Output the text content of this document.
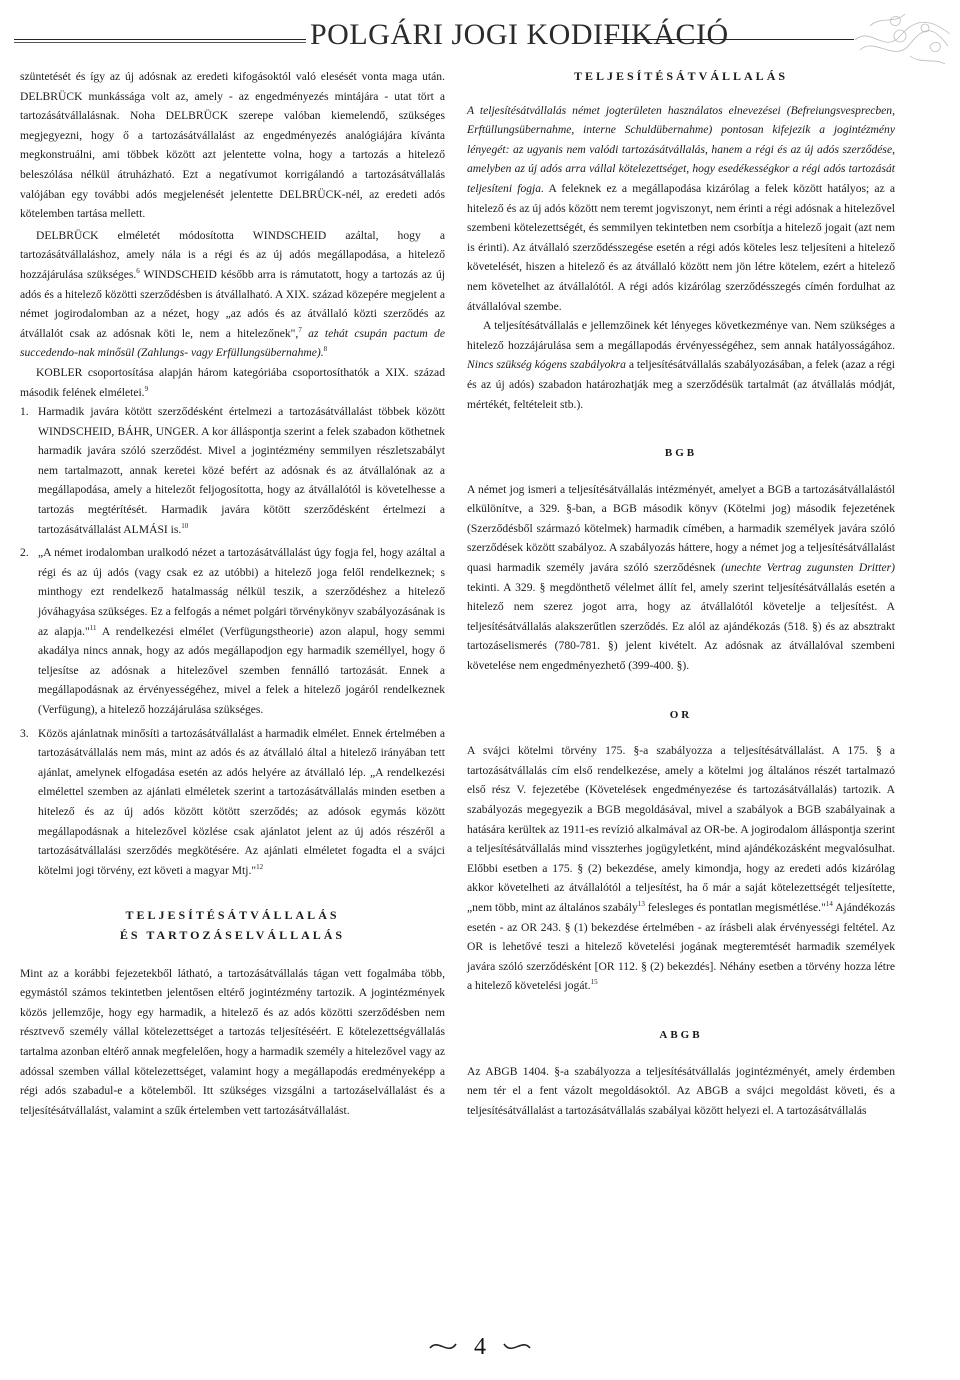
POLGÁRI JOGI KODIFIKÁCIÓ

szüntetését és így az új adósnak az eredeti kifogásoktól való elesését vonta maga után. DELBRÜCK munkássága volt az, amely - az engedményezés mintájára - utat tört a tartozásátvállalásnak. Noha DELBRÜCK szerepe valóban kiemelendő, szükséges megjegyezni, hogy ő a tartozásátvállalást az engedményezés analógiájára kívánta megkonstruálni, ami többek között azt jelentette volna, hogy a tartozás a hitelező beleszólása nélkül átruházható. Ezt a negatívumot korrigálandó a tartozásátvállalás valójában egy további adós megjelenését jelentette DELBRÜCK-nél, az eredeti adós kötelemben tartása mellett.

DELBRÜCK elméletét módosította WINDSCHEID azáltal, hogy a tartozásátvállaláshoz, amely nála is a régi és az új adós megállapodása, a hitelező hozzájárulása szükséges.$^6$ WINDSCHEID később arra is rámutatott, hogy a tartozás az új adós és a hitelező közötti szerződésben is átvállalható. A XIX. század közepére megjelent a német jogirodalomban az a nézet, hogy „az adós és az átvállaló közti szerződés az átvállalót csak az adósnak köti le, nem a hitelezőnek",$^7$ az tehát csupán pactum de succedendo-nak minősül (Zahlungs- vagy Erfüllungsübernahme).$^8$

KOBLER csoportosítása alapján három kategóriába csoportosíthatók a XIX. század második felének elméletei.$^9$

1. Harmadik javára kötött szerződésként értelmezi a tartozásátvállalást többek között WINDSCHEID, BÁHR, UNGER. A kor álláspontja szerint a felek szabadon köthetnek harmadik javára szóló szerződést. Mivel a jogintézmény semmilyen részletszabályt nem tartalmazott, annak keretei közé befért az adósnak és az átvállalónak az a megállapodása, amely a hitelezőt feljogosította, hogy az átvállalótól is követelhesse a tartozás megtérítését. Harmadik javára kötött szerződésként értelmezi a tartozásátvállalást ALMÁSI is.$^{10}$
2. „A német irodalomban uralkodó nézet a tartozásátvállalást úgy fogja fel, hogy azáltal a régi és az új adós (vagy csak ez az utóbbi) a hitelező joga felől rendelkeznek; s minthogy ezt rendelkező hatalmasság nélkül teszik, a szerződéshez a hitelező jóváhagyása szükséges. Ez a felfogás a német polgári törvénykönyv szabályozásának is az alapja."$^{11}$ A rendelkezési elmélet (Verfügungstheorie) azon alapul, hogy semmi akadálya nincs annak, hogy az adós megállapodjon egy harmadik személlyel, hogy ő teljesítse az adósnak a hitelezővel szemben fennálló tartozását. Ennek a megállapodásnak az érvényességéhez, mivel a felek a hitelező jogáról rendelkeznek (Verfügung), a hitelező hozzájárulása szükséges.
3. Közös ajánlatnak minősíti a tartozásátvállalást a harmadik elmélet. Ennek értelmében a tartozásátvállalás nem más, mint az adós és az átvállaló által a hitelező irányában tett ajánlat, amelynek elfogadása esetén az adós helyére az átvállaló lép. „A rendelkezési elmélettel szemben az ajánlati elméletek szerint a tartozásátvállalás minden esetben a hitelező és az új adós között kötött szerződés; az adósok egymás között megállapodásnak a hitelezővel közlése csak ajánlatot jelent az új adós részéről a tartozásátvállalási szerződés megkötésére. Az ajánlati elméletet fogadta el a svájci kötelmi jogi törvény, ezt követi a magyar Mtj."$^{12}$

TELJESÍTÉSÁTVÁLLALÁS

ÉS TARTOZÁSELVÁLLALÁS

Mint az a korábbi fejezetekből látható, a tartozásátvállalás tágan vett fogalmába több, egymástól számos tekintetben jelentősen eltérő jogintézmény tartozik. A jogintézmények közös jellemzője, hogy egy harmadik, a hitelező és az adós közötti szerződésben nem résztvevő személy vállal kötelezettséget a tartozás teljesítéséért. E kötelezettségvállalás tartalma azonban eltérő annak megfelelően, hogy a harmadik személy a hitelezővel vagy az adóssal szemben vállal kötelezettséget, valamint hogy a megállapodás eredményeképp a régi adós szabadul-e a kötelemből. Itt szükséges vizsgálni a tartozáselvállalást és a teljesítésátvállalást, valamint a szűk értelemben vett tartozásátvállalást.

TELJESÍTÉSÁTVÁLLALÁS

A teljesítésátvállalás német jogterületen használatos elnevezései (Befreiungsvesprecben, Erftüllungsübernahme, interne Schuldübernahme) pontosan kifejezik a jogintézmény lényegét: az ugyanis nem valódi tartozásátvállalás, hanem a régi és az új adós szerződése, amelyben az új adós arra vállal kötelezettséget, hogy esedékességkor a régi adós tartozását teljesíteni fogja. A feleknek ez a megállapodása kizárólag a felek között hatályos; az a hitelező és az új adós között nem teremt jogviszonyt, nem érinti a régi adósnak a hitelezővel szembeni kötelezettségét, és semmilyen tekintetben nem csorbítja a hitelező jogait (azt nem is érinti). Az átvállaló szerződésszegése esetén a régi adós köteles lesz teljesíteni a hitelező követelését, hiszen a hitelező és az átvállaló között nem jön létre kötelem, ezért a hitelező nem követelhet az átvállalótól. A régi adós kizárólag szerződésszegés címén fordulhat az átvállalóval szembe.

A teljesítésátvállalás e jellemzőinek két lényeges következménye van. Nem szükséges a hitelező hozzájárulása sem a megállapodás érvényességéhez, sem annak hatályosságához. Nincs szükség kógens szabályokra a teljesítésátvállalás szabályozásában, a felek (azaz a régi és az új adós) szabadon határozhatják meg a szerződésük tartalmát (az átvállalás módját, mértékét, feltételeit stb.).

BGB

A német jog ismeri a teljesítésátvállalás intézményét, amelyet a BGB a tartozásátvállalástól elkülönítve, a 329. §-ban, a BGB második könyv (Kötelmi jog) második fejezetének (Szerződésből származó kötelmek) harmadik címében, a harmadik személyek javára szóló szerződések között szabályoz. A szabályozás háttere, hogy a német jog a teljesítésátvállalást quasi harmadik személy javára szóló szerződésnek (unechte Vertrag zugunsten Dritter) tekinti. A 329. § megdönthető vélelmet állít fel, amely szerint teljesítésátvállalás esetén a hitelező nem szerez jogot arra, hogy az átvállalótól követelje a teljesítést. A teljesítésátvállalás alakszerűtlen szerződés. Ez alól az ajándékozás (518. §) és az absztrakt tartozáselismerés (780-781. §) jelent kivételt. Az adósnak az átvállalóval szembeni követelése nem engedményezhető (399-400. §).

OR

A svájci kötelmi törvény 175. §-a szabályozza a teljesítésátvállalást. A 175. § a tartozásátvállalás cím első rendelkezése, amely a kötelmi jog általános részét tartalmazó első rész V. fejezetébe (Követelések engedményezése és tartozásátvállalás) tartozik. A szabályozás megegyezik a BGB megoldásával, mivel a szabályok a BGB szabályainak a hatására kerültek az 1911-es revízió alkalmával az OR-be. A jogirodalom álláspontja szerint a teljesítésátvállalás mind visszterhes jogügyletként, mind ajándékozásként megvalósulhat. Előbbi esetben a 175. § (2) bekezdése, amely kimondja, hogy az eredeti adós kizárólag akkor követelheti az átvállalótól a teljesítést, ha ő már a saját kötelezettségét teljesítette, „nem több, mint az általános szabály$^{13}$ felesleges és pontatlan megismétlése."$^{14}$ Ajándékozás esetén - az OR 243. § (1) bekezdése értelmében - az írásbeli alak érvényességi feltétel. Az OR is lehetővé teszi a hitelező követelési jogának megteremtését harmadik személyek javára szóló szerződésként [OR 112. § (2) bekezdés]. Néhány esetben a törvény hozza létre a hitelező követelési jogát.$^{15}$

ABGB

Az ABGB 1404. §-a szabályozza a teljesítésátvállalás jogintézményét, amely érdemben nem tér el a fent vázolt megoldásoktól. Az ABGB a svájci megoldást követi, és a teljesítésátvállalást a tartozásátvállalás szabályai között helyezi el. A tartozásátvállalás

4
